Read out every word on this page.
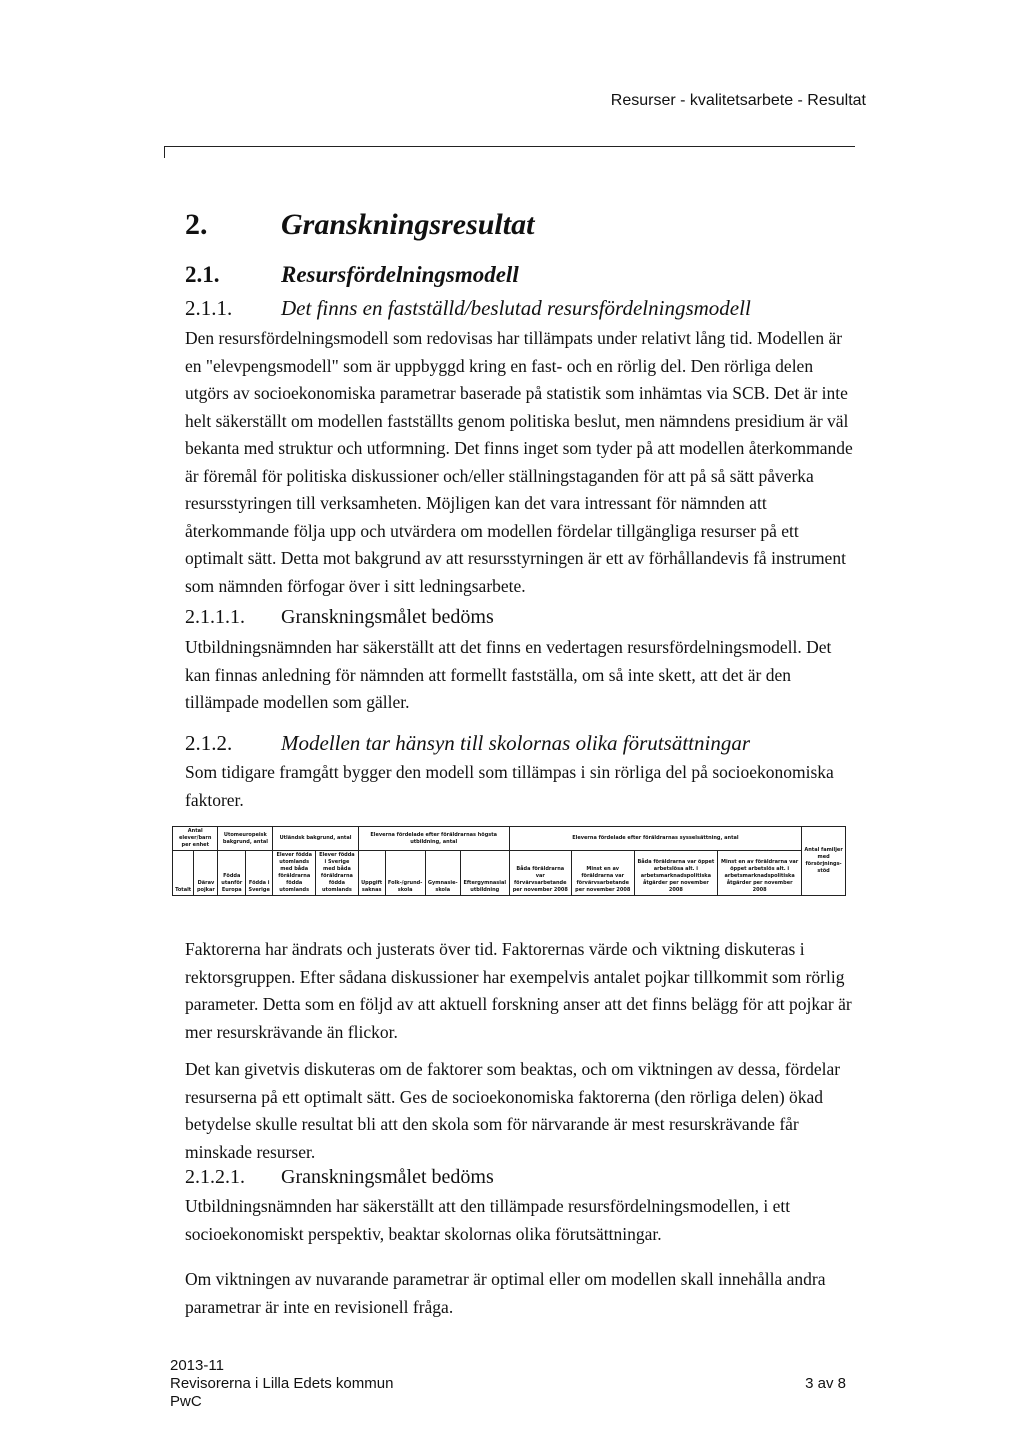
Resurser - kvalitetsarbete - Resultat
2. Granskningsresultat
2.1.	Resursfördelningsmodell
2.1.1. Det finns en fastställd/beslutad resursfördelningsmodell
Den resursfördelningsmodell som redovisas har tillämpats under relativt lång tid. Modellen är en "elevpengsmodell" som är uppbyggd kring en fast- och en rörlig del. Den rörliga delen utgörs av socioekonomiska parametrar baserade på statistik som inhämtas via SCB. Det är inte helt säkerställt om modellen fastställts genom politiska beslut, men nämndens presidium är väl bekanta med struktur och utformning. Det finns inget som tyder på att modellen återkommande är föremål för politiska diskussioner och/eller ställningstaganden för att på så sätt påverka resursstyringen till verksamheten. Möjligen kan det vara intressant för nämnden att återkommande följa upp och utvärdera om modellen fördelar tillgängliga resurser på ett optimalt sätt. Detta mot bakgrund av att resursstyrningen är ett av förhållandevis få instrument som nämnden förfogar över i sitt ledningsarbete.
2.1.1.1. Granskningsmålet bedöms
Utbildningsnämnden har säkerställt att det finns en vedertagen resursfördelningsmodell. Det kan finnas anledning för nämnden att formellt fastställa, om så inte skett, att det är den tillämpade modellen som gäller.
2.1.2. Modellen tar hänsyn till skolornas olika förutsättningar
Som tidigare framgått bygger den modell som tillämpas i sin rörliga del på socioekonomiska faktorer.
Antal elever/barn per enhet		Utomeuropeisk bakgrund, antal		Utländsk bakgrund, antal		Eleverna fördelade efter föräldrarnas högsta utbildning, antal				Eleverna fördelade efter föräldrarnas sysselsättning, antal				Antal familjer med försörjnings-stöd
Totalt	Därav pojkar	Födda utanför Europa	Födda i Sverige	Elever födda utomlands med båda föräldrarna födda utomlands	Elever födda i Sverige med båda föräldrarna födda utomlands	Uppgift saknas	Folk-/grund-skola	Gymnasie-skola	Eftergymnasial utbildning	Båda föräldrarna var förvärvsarbetande per november 2008	Minst en av föräldrarna var förvärvsarbetande per november 2008	Båda föräldrarna var öppet arbetslösa alt. i arbetsmarknadspolitiska åtgärder per november 2008	Minst en av föräldrarna var öppet arbetslös alt. i arbetsmarknadspolitiska åtgärder per november 2008	
Faktorerna har ändrats och justerats över tid. Faktorernas värde och viktning diskuteras i rektorsgruppen. Efter sådana diskussioner har exempelvis antalet pojkar tillkommit som rörlig parameter. Detta som en följd av att aktuell forskning anser att det finns belägg för att pojkar är mer resurskrävande än flickor.
Det kan givetvis diskuteras om de faktorer som beaktas, och om viktningen av dessa, fördelar resurserna på ett optimalt sätt. Ges de socioekonomiska faktorerna (den rörliga delen) ökad betydelse skulle resultat bli att den skola som för närvarande är mest resurskrävande får minskade resurser.
2.1.2.1. Granskningsmålet bedöms
Utbildningsnämnden har säkerställt att den tillämpade resursfördelningsmodellen, i ett socioekonomiskt perspektiv, beaktar skolornas olika förutsättningar.
Om viktningen av nuvarande parametrar är optimal eller om modellen skall innehålla andra parametrar är inte en revisionell fråga.
2013-11
Revisorerna i Lilla Edets kommun
PwC
3 av 8
